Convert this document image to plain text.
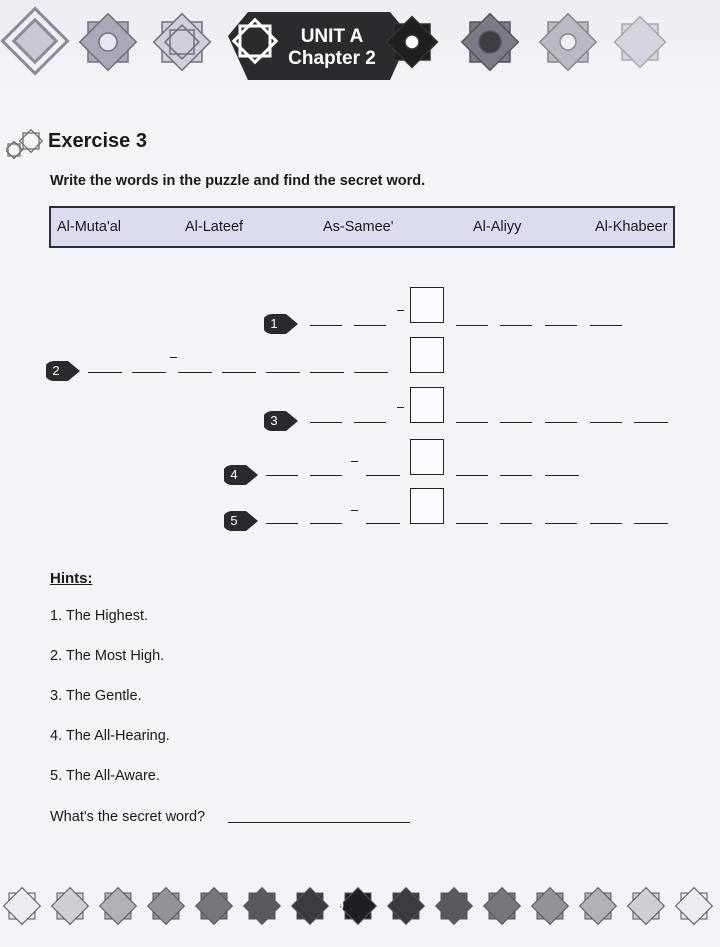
UNIT A
Chapter 2
Exercise 3
Write the words in the puzzle and find the secret word.
Al-Muta'al	Al-Lateef	As-Samee'	Al-Aliyy	Al-Khabeer
1
2
3
4
5
Hints:
1. The Highest.
2. The Most High.
3. The Gentle.
4. The All-Hearing.
5. The All-Aware.
What's the secret word?
9
